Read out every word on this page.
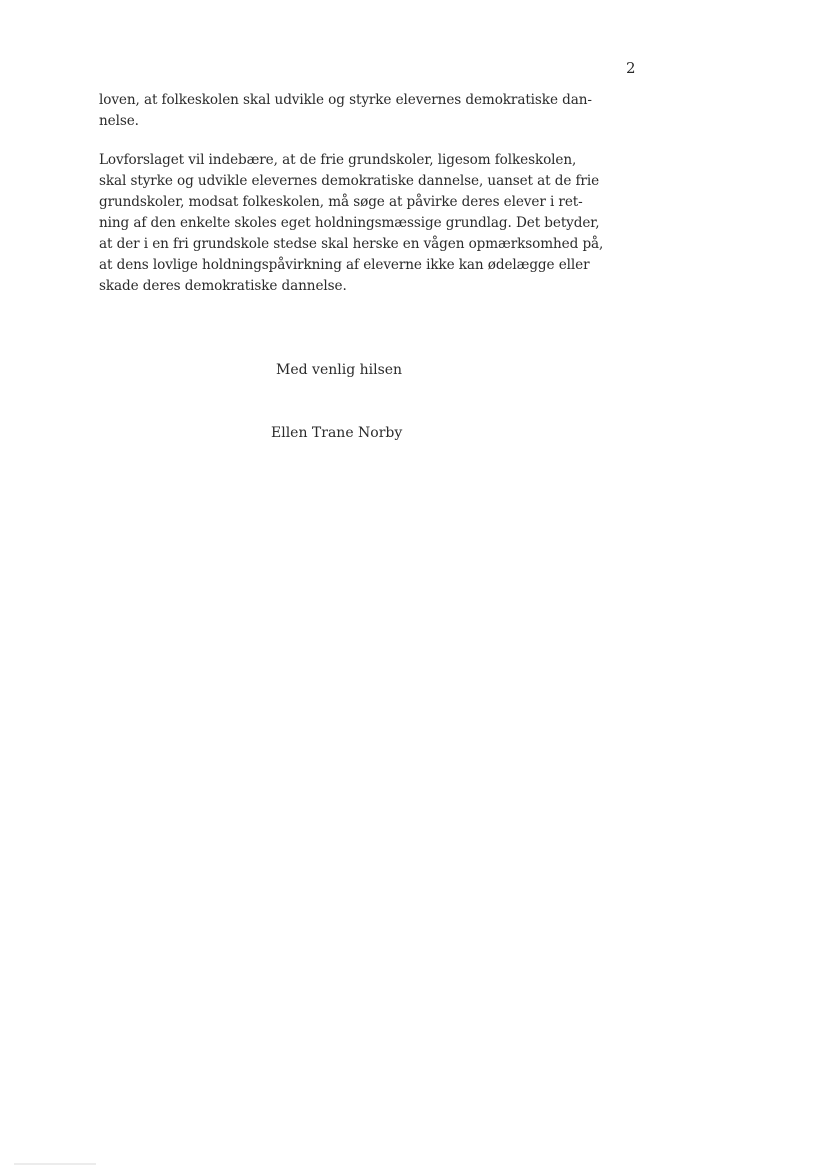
2
loven, at folkeskolen skal udvikle og styrke elevernes demokratiske dan-
nelse.
Lovforslaget vil indebære, at de frie grundskoler, ligesom folkeskolen,
skal styrke og udvikle elevernes demokratiske dannelse, uanset at de frie
grundskoler, modsat folkeskolen, må søge at påvirke deres elever i ret-
ning af den enkelte skoles eget holdningsmæssige grundlag. Det betyder,
at der i en fri grundskole stedse skal herske en vågen opmærksomhed på,
at dens lovlige holdningspåvirkning af eleverne ikke kan ødelægge eller
skade deres demokratiske dannelse.
Med venlig hilsen
Ellen Trane Norby
